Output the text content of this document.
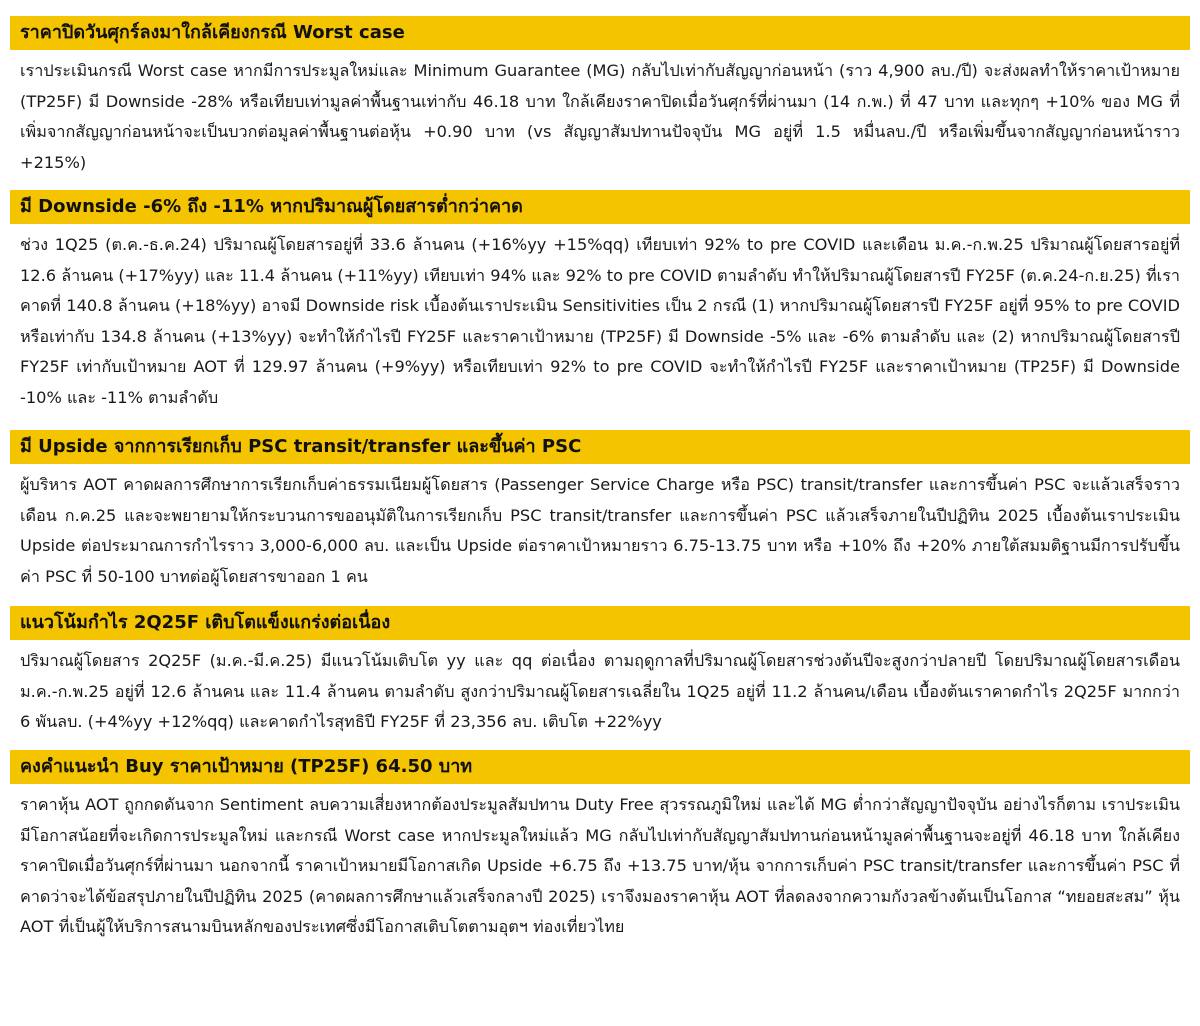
ราคาปิดวันศุกร์ลงมาใกล้เคียงกรณี Worst case
เราประเมินกรณี Worst case หากมีการประมูลใหม่และ Minimum Guarantee (MG) กลับไปเท่ากับสัญญาก่อนหน้า (ราว 4,900 ลบ./ปี) จะส่งผลทำให้ราคาเป้าหมาย (TP25F) มี Downside -28% หรือเทียบเท่ามูลค่าพื้นฐานเท่ากับ 46.18 บาท ใกล้เคียงราคาปิดเมื่อวันศุกร์ที่ผ่านมา (14 ก.พ.) ที่ 47 บาท และทุกๆ +10% ของ MG ที่เพิ่มจากสัญญาก่อนหน้าจะเป็นบวกต่อมูลค่าพื้นฐานต่อหุ้น +0.90 บาท (vs สัญญาสัมปทานปัจจุบัน MG อยู่ที่ 1.5 หมื่นลบ./ปี หรือเพิ่มขึ้นจากสัญญาก่อนหน้าราว +215%)
มี Downside -6% ถึง -11% หากปริมาณผู้โดยสารต่ำกว่าคาด
ช่วง 1Q25 (ต.ค.-ธ.ค.24) ปริมาณผู้โดยสารอยู่ที่ 33.6 ล้านคน (+16%yy +15%qq) เทียบเท่า 92% to pre COVID และเดือน ม.ค.-ก.พ.25 ปริมาณผู้โดยสารอยู่ที่ 12.6 ล้านคน (+17%yy) และ 11.4 ล้านคน (+11%yy) เทียบเท่า 94% และ 92% to pre COVID ตามลำดับ ทำให้ปริมาณผู้โดยสารปี FY25F (ต.ค.24-ก.ย.25) ที่เราคาดที่ 140.8 ล้านคน (+18%yy) อาจมี Downside risk เบื้องต้นเราประเมิน Sensitivities เป็น 2 กรณี (1) หากปริมาณผู้โดยสารปี FY25F อยู่ที่ 95% to pre COVID หรือเท่ากับ 134.8 ล้านคน (+13%yy) จะทำให้กำไรปี FY25F และราคาเป้าหมาย (TP25F) มี Downside -5% และ -6% ตามลำดับ และ (2) หากปริมาณผู้โดยสารปี FY25F เท่ากับเป้าหมาย AOT ที่ 129.97 ล้านคน (+9%yy) หรือเทียบเท่า 92% to pre COVID จะทำให้กำไรปี FY25F และราคาเป้าหมาย (TP25F) มี Downside -10% และ -11% ตามลำดับ
มี Upside จากการเรียกเก็บ PSC transit/transfer และขึ้นค่า PSC
ผู้บริหาร AOT คาดผลการศึกษาการเรียกเก็บค่าธรรมเนียมผู้โดยสาร (Passenger Service Charge หรือ PSC) transit/transfer และการขึ้นค่า PSC จะแล้วเสร็จราวเดือน ก.ค.25 และจะพยายามให้กระบวนการขออนุมัติในการเรียกเก็บ PSC transit/transfer และการขึ้นค่า PSC แล้วเสร็จภายในปีปฏิทิน 2025 เบื้องต้นเราประเมิน Upside ต่อประมาณการกำไรราว 3,000-6,000 ลบ. และเป็น Upside ต่อราคาเป้าหมายราว 6.75-13.75 บาท หรือ +10% ถึง +20% ภายใต้สมมติฐานมีการปรับขึ้นค่า PSC ที่ 50-100 บาทต่อผู้โดยสารขาออก 1 คน
แนวโน้มกำไร 2Q25F เติบโตแข็งแกร่งต่อเนื่อง
ปริมาณผู้โดยสาร 2Q25F (ม.ค.-มี.ค.25) มีแนวโน้มเติบโต yy และ qq ต่อเนื่อง ตามฤดูกาลที่ปริมาณผู้โดยสารช่วงต้นปีจะสูงกว่าปลายปี โดยปริมาณผู้โดยสารเดือน ม.ค.-ก.พ.25 อยู่ที่ 12.6 ล้านคน และ 11.4 ล้านคน ตามลำดับ สูงกว่าปริมาณผู้โดยสารเฉลี่ยใน 1Q25 อยู่ที่ 11.2 ล้านคน/เดือน เบื้องต้นเราคาดกำไร 2Q25F มากกว่า 6 พันลบ. (+4%yy +12%qq) และคาดกำไรสุทธิปี FY25F ที่ 23,356 ลบ. เติบโต +22%yy
คงคำแนะนำ Buy ราคาเป้าหมาย (TP25F) 64.50 บาท
ราคาหุ้น AOT ถูกกดดันจาก Sentiment ลบความเสี่ยงหากต้องประมูลสัมปทาน Duty Free สุวรรณภูมิใหม่ และได้ MG ต่ำกว่าสัญญาปัจจุบัน อย่างไรก็ตาม เราประเมินมีโอกาสน้อยที่จะเกิดการประมูลใหม่ และกรณี Worst case หากประมูลใหม่แล้ว MG กลับไปเท่ากับสัญญาสัมปทานก่อนหน้ามูลค่าพื้นฐานจะอยู่ที่ 46.18 บาท ใกล้เคียงราคาปิดเมื่อวันศุกร์ที่ผ่านมา นอกจากนี้ ราคาเป้าหมายมีโอกาสเกิด Upside +6.75 ถึง +13.75 บาท/หุ้น จากการเก็บค่า PSC transit/transfer และการขึ้นค่า PSC ที่คาดว่าจะได้ข้อสรุปภายในปีปฏิทิน 2025 (คาดผลการศึกษาแล้วเสร็จกลางปี 2025) เราจึงมองราคาหุ้น AOT ที่ลดลงจากความกังวลข้างต้นเป็นโอกาส “ทยอยสะสม” หุ้น AOT ที่เป็นผู้ให้บริการสนามบินหลักของประเทศซึ่งมีโอกาสเติบโตตามอุตฯ ท่องเที่ยวไทย
